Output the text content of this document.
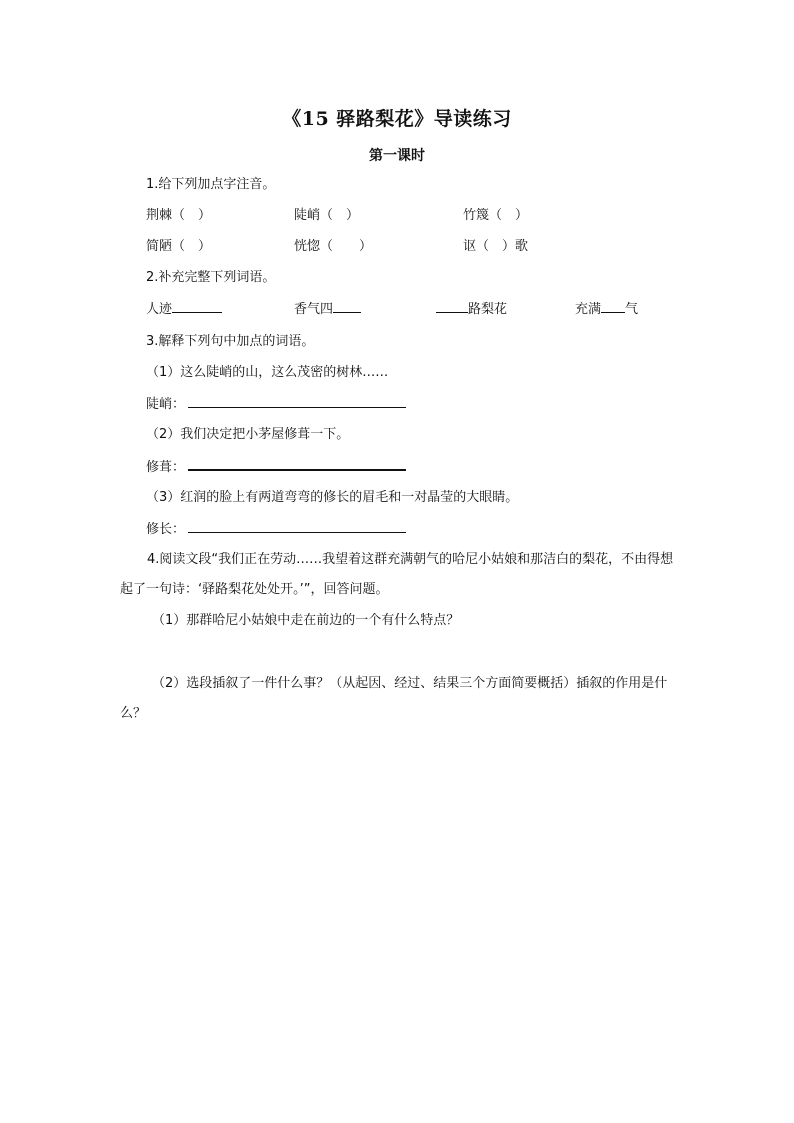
《15 驿路梨花》导读练习
第一课时
1.给下列加点字注音。
荆棘（　）	陡峭（　）	竹篾（　）
简陋（　）	恍惚（　　）	讴（　）歌
2.补充完整下列词语。
人迹	香气四	路梨花	充满 气
3.解释下列句中加点的词语。
（1）这么陡峭的山，这么茂密的树林……
陡峭：
（2）我们决定把小茅屋修葺一下。
修葺：
（3）红润的脸上有两道弯弯的修长的眉毛和一对晶莹的大眼睛。
修长：
4.阅读文段“我们正在劳动……我望着这群充满朝气的哈尼小姑娘和那洁白的梨花，不由得想起了一句诗：‘驿路梨花处处开。’”，回答问题。
（1）那群哈尼小姑娘中走在前边的一个有什么特点？
（2）选段插叙了一件什么事？（从起因、经过、结果三个方面简要概括）插叙的作用是什么？
